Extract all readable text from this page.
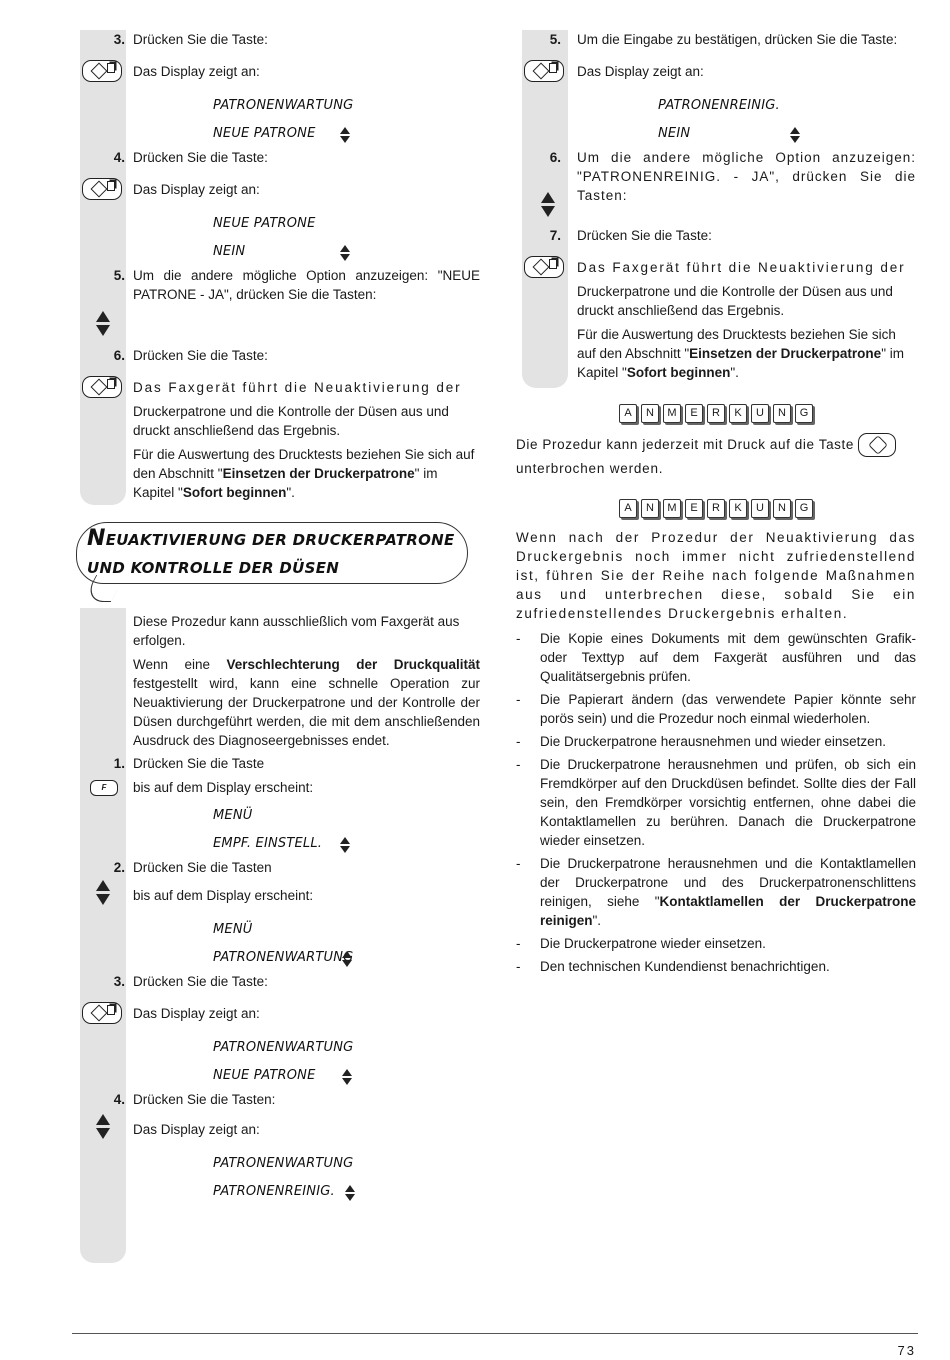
3. Drücken Sie die Taste:
Das Display zeigt an:
PATRONENWARTUNG
NEUE PATRONE
4. Drücken Sie die Taste:
Das Display zeigt an:
NEUE PATRONE
NEIN
5. Um die andere mögliche Option anzuzeigen: "NEUE PATRONE - JA", drücken Sie die Tasten:
6. Drücken Sie die Taste:
Das Faxgerät führt die Neuaktivierung der
Druckerpatrone und die Kontrolle der Düsen aus und druckt anschließend das Ergebnis.
Für die Auswertung des Drucktests beziehen Sie sich auf den Abschnitt "Einsetzen der Druckerpatrone" im Kapitel "Sofort beginnen".
NEUAKTIVIERUNG DER DRUCKERPATRONE
UND KONTROLLE DER DÜSEN
Diese Prozedur kann ausschließlich vom Faxgerät aus erfolgen.
Wenn eine Verschlechterung der Druckqualität festgestellt wird, kann eine schnelle Operation zur Neuaktivierung der Druckerpatrone und der Kontrolle der Düsen durchgeführt werden, die mit dem anschließenden Ausdruck des Diagnoseergebnisses endet.
1. Drücken Sie die Taste
F	bis auf dem Display erscheint:
MENÜ
EMPF. EINSTELL.
2. Drücken Sie die Tasten
bis auf dem Display erscheint:
MENÜ
PATRONENWARTUNG
3. Drücken Sie die Taste:
Das Display zeigt an:
PATRONENWARTUNG
NEUE PATRONE
4. Drücken Sie die Tasten:
Das Display zeigt an:
PATRONENWARTUNG
PATRONENREINIG.
5.	Um die Eingabe zu bestätigen, drücken Sie die Taste:
Das Display zeigt an:
PATRONENREINIG.
NEIN
6.	Um die andere mögliche Option anzuzeigen: "PATRONENREINIG. - JA", drücken Sie die Tasten:
7.	Drücken Sie die Taste:
Das Faxgerät führt die Neuaktivierung der
Druckerpatrone und die Kontrolle der Düsen aus und druckt anschließend das Ergebnis.
Für die Auswertung des Drucktests beziehen Sie sich auf den Abschnitt "Einsetzen der Druckerpatrone" im Kapitel "Sofort beginnen".
A N M E R K U N G
Die Prozedur kann jederzeit mit Druck auf die Taste
unterbrochen werden.
A N M E R K U N G

Wenn nach der Prozedur der Neuaktivierung das Druckergebnis noch immer nicht zufriedenstellend ist, führen Sie der Reihe nach folgende Maßnahmen aus und unterbrechen diese, sobald Sie ein zufriedenstellendes Druckergebnis erhalten.

- Die Kopie eines Dokuments mit dem gewünschten Grafik- oder Texttyp auf dem Faxgerät ausführen und das Qualitätsergebnis prüfen.
- Die Papierart ändern (das verwendete Papier könnte sehr porös sein) und die Prozedur noch einmal wiederholen.
- Die Druckerpatrone herausnehmen und wieder einsetzen.
- Die Druckerpatrone herausnehmen und prüfen, ob sich ein Fremdkörper auf den Druckdüsen befindet. Sollte dies der Fall sein, den Fremdkörper vorsichtig entfernen, ohne dabei die Kontaktlamellen zu berühren. Danach die Druckerpatrone wieder einsetzen.
- Die Druckerpatrone herausnehmen und die Kontaktlamellen der Druckerpatrone und des Druckerpatronenschlittens reinigen, siehe "Kontaktlamellen der Druckerpatrone reinigen".
- Die Druckerpatrone wieder einsetzen.
- Den technischen Kundendienst benachrichtigen.
73
